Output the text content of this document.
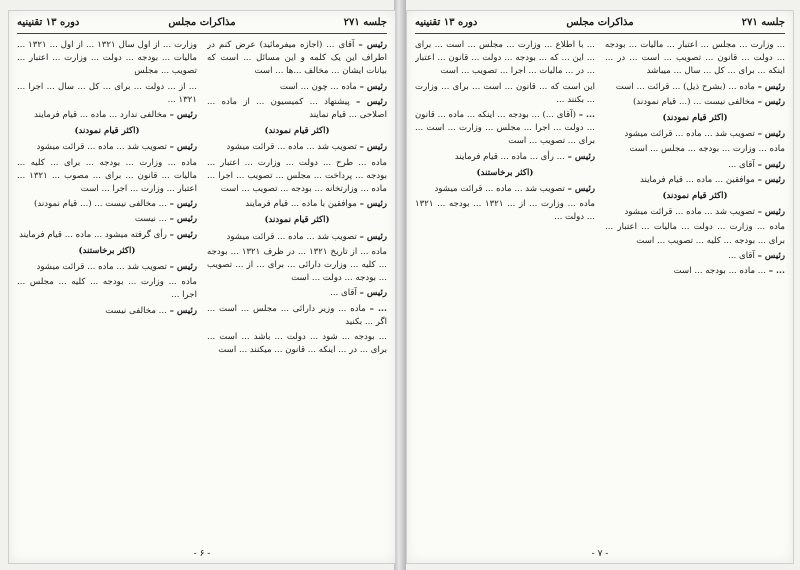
جلسه ۲۷۱
مذاکرات مجلس
دوره ۱۳ تقنینیه

رئیس – آقای ... (اجازه میفرمائید) عرض کنم در اطراف این یک کلمه و این مسائل ... است که بیانات ایشان ... مخالف ...ها ... است

رئیس – ماده ... چون ... است

رئیس – پیشنهاد ... کمیسیون ... از ماده ... اصلاحی ... قیام نمایند

(اکثر قیام نمودند)

رئیس – تصویب شد ... ماده ... قرائت میشود

ماده ... طرح ... دولت ... وزارت ... اعتبار ... بودجه ... پرداخت ... مجلس ... تصویب ... اجرا ... ماده ... وزارتخانه ... بودجه ... تصویب ... است

رئیس – موافقین با ماده ... قیام فرمایند

(اکثر قیام نمودند)

رئیس – تصویب شد ... ماده ... قرائت میشود

ماده ... از تاریخ ۱۳۲۱ ... در ظرف ۱۳۲۱ ... بودجه ... کلیه ... وزارت دارائی ... برای ... از ... تصویب ... بودجه ... دولت ... است

رئیس – آقای ...

... – ماده ... وزیر دارائی ... مجلس ... است ... اگر ... بکنید

... بودجه ... شود ... دولت ... باشد ... است ... برای ... در ... اینکه ... قانون ... میکنند ... است

وزارت ... از اول سال ۱۳۲۱ ... از اول ... ۱۳۲۱ ... مالیات ... بودجه ... دولت ... وزارت ... اعتبار ... تصویب ... مجلس

... از ... دولت ... برای ... کل ... سال ... اجرا ... ۱۳۲۱ ...

رئیس – مخالفی ندارد ... ماده ... قیام فرمایند

(اکثر قیام نمودند)

رئیس – تصویب شد ... ماده ... قرائت میشود

ماده ... وزارت ... بودجه ... برای ... کلیه ... مالیات ... قانون ... برای ... مصوب ... ۱۳۲۱ ... اعتبار ... وزارت ... اجرا ... است

رئیس – ... مخالفی نیست ... (... قیام نمودند)

رئیس – ... نیست

رئیس – رأی گرفته میشود ... ماده ... قیام فرمایند

(اکثر برخاستند)

رئیس – تصویب شد ... ماده ... قرائت میشود

ماده ... وزارت ... بودجه ... کلیه ... مجلس ... اجرا ...

رئیس – ... مخالفی نیست

- ۶ -
جلسه ۲۷۱
مذاکرات مجلس
دوره ۱۳ تقنینیه

... وزارت ... مجلس ... اعتبار ... مالیات ... بودجه ... دولت ... قانون ... تصویب ... است ... در ... اینکه ... برای ... کل ... سال ... میباشد

رئیس – ماده ... (بشرح ذیل) ... قرائت ... است

رئیس – مخالفی نیست ... (... قیام نمودند)

(اکثر قیام نمودند)

رئیس – تصویب شد ... ماده ... قرائت میشود

ماده ... وزارت ... بودجه ... مجلس ... است

رئیس – آقای ...

رئیس – موافقین ... ماده ... قیام فرمایند

(اکثر قیام نمودند)

رئیس – تصویب شد ... ماده ... قرائت میشود

ماده ... وزارت ... دولت ... مالیات ... اعتبار ... برای ... بودجه ... کلیه ... تصویب ... است

رئیس – آقای ...

... – ... ماده ... بودجه ... است

... با اطلاع ... وزارت ... مجلس ... است ... برای ... این ... که ... بودجه ... دولت ... قانون ... اعتبار ... در ... مالیات ... اجرا ... تصویب ... است

این است که ... قانون ... است ... برای ... وزارت ... بکنند ...

... – (آقای ...) ... بودجه ... اینکه ... ماده ... قانون ... دولت ... اجرا ... مجلس ... وزارت ... است ... برای ... تصویب ... است

رئیس – ... رأی ... ماده ... قیام فرمایند

(اکثر برخاستند)

رئیس – تصویب شد ... ماده ... قرائت میشود

ماده ... وزارت ... از ... ۱۳۲۱ ... بودجه ... ۱۳۲۱ ... دولت ...

- ۷ -
